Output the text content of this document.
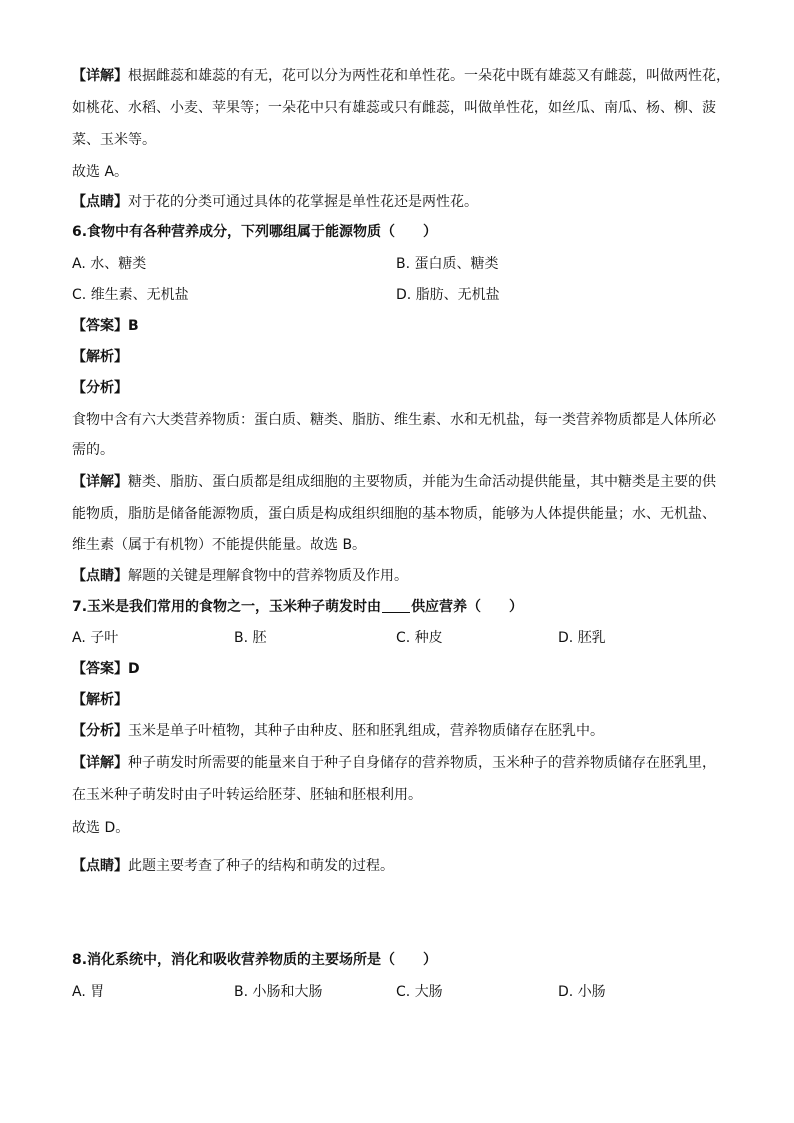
【详解】根据雌蕊和雄蕊的有无，花可以分为两性花和单性花。一朵花中既有雄蕊又有雌蕊，叫做两性花，
如桃花、水稻、小麦、苹果等；一朵花中只有雄蕊或只有雌蕊，叫做单性花，如丝瓜、南瓜、杨、柳、菠
菜、玉米等。
故选 A。
【点睛】对于花的分类可通过具体的花掌握是单性花还是两性花。
6.食物中有各种营养成分，下列哪组属于能源物质（　　）
A. 水、糖类	B. 蛋白质、糖类
C. 维生素、无机盐	D. 脂肪、无机盐
【答案】B
【解析】
【分析】
食物中含有六大类营养物质：蛋白质、糖类、脂肪、维生素、水和无机盐，每一类营养物质都是人体所必
需的。
【详解】糖类、脂肪、蛋白质都是组成细胞的主要物质，并能为生命活动提供能量，其中糖类是主要的供
能物质，脂肪是储备能源物质，蛋白质是构成组织细胞的基本物质，能够为人体提供能量；水、无机盐、
维生素（属于有机物）不能提供能量。故选 B。
【点睛】解题的关键是理解食物中的营养物质及作用。
7.玉米是我们常用的食物之一，玉米种子萌发时由 供应营养（　　）
A. 子叶	B. 胚	C. 种皮	D. 胚乳
【答案】D
【解析】
【分析】玉米是单子叶植物，其种子由种皮、胚和胚乳组成，营养物质储存在胚乳中。
【详解】种子萌发时所需要的能量来自于种子自身储存的营养物质，玉米种子的营养物质储存在胚乳里，
在玉米种子萌发时由子叶转运给胚芽、胚轴和胚根利用。
故选 D。
【点睛】此题主要考查了种子的结构和萌发的过程。
8.消化系统中，消化和吸收营养物质的主要场所是（　　）
A. 胃	B. 小肠和大肠	C. 大肠	D. 小肠
